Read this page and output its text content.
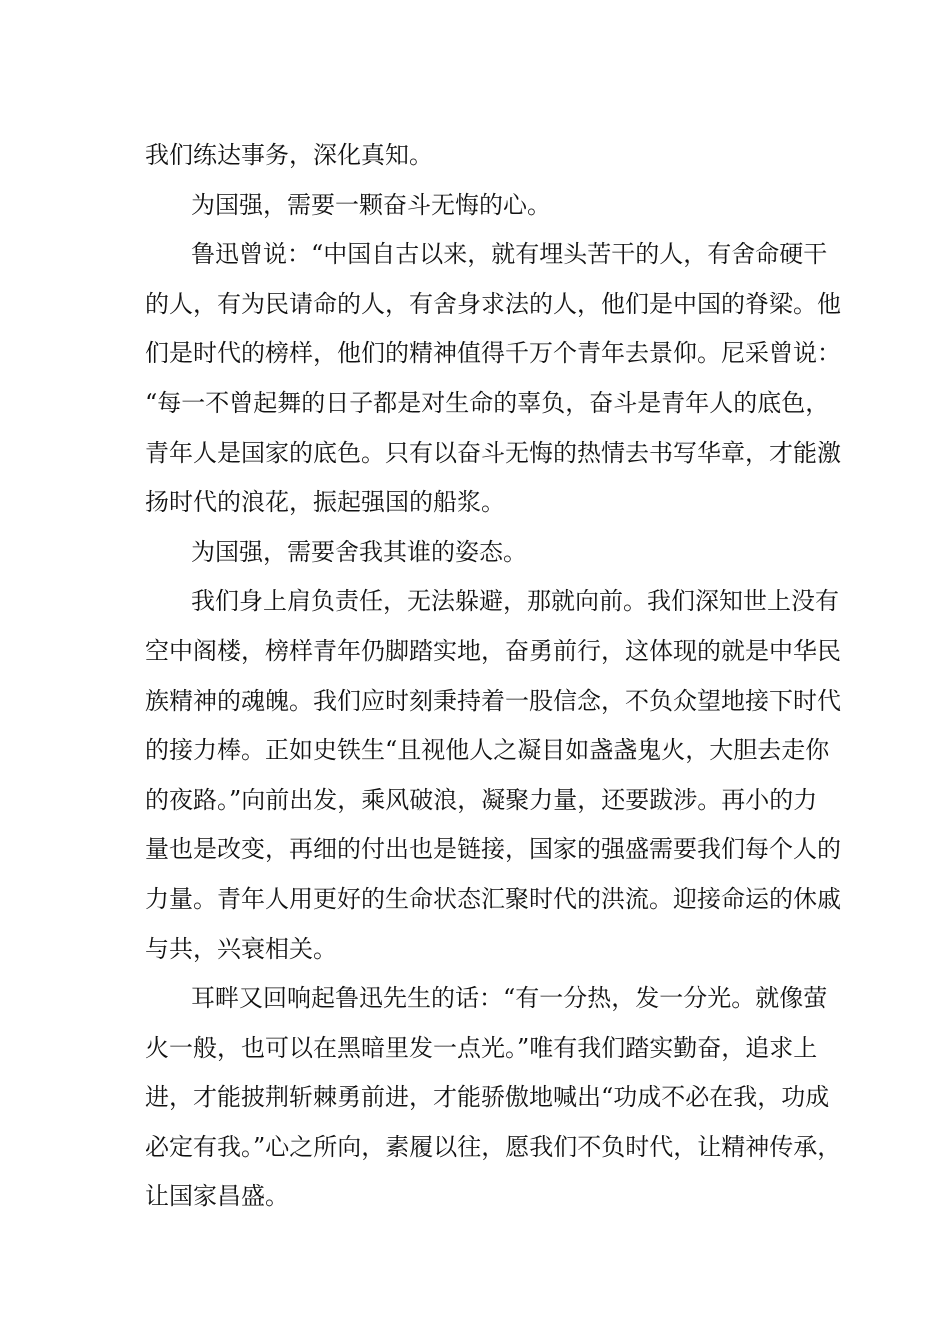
我们练达事务，深化真知。
为国强，需要一颗奋斗无悔的心。
鲁迅曾说：“中国自古以来，就有埋头苦干的人，有舍命硬干
的人，有为民请命的人，有舍身求法的人，他们是中国的脊梁。他
们是时代的榜样，他们的精神值得千万个青年去景仰。尼采曾说：
“每一不曾起舞的日子都是对生命的辜负，奋斗是青年人的底色，
青年人是国家的底色。只有以奋斗无悔的热情去书写华章，才能激
扬时代的浪花，振起强国的船浆。
为国强，需要舍我其谁的姿态。
我们身上肩负责任，无法躲避，那就向前。我们深知世上没有
空中阁楼，榜样青年仍脚踏实地，奋勇前行，这体现的就是中华民
族精神的魂魄。我们应时刻秉持着一股信念，不负众望地接下时代
的接力棒。正如史铁生“且视他人之凝目如盏盏鬼火，大胆去走你
的夜路。”向前出发，乘风破浪，凝聚力量，还要跋涉。再小的力
量也是改变，再细的付出也是链接，国家的强盛需要我们每个人的
力量。青年人用更好的生命状态汇聚时代的洪流。迎接命运的休戚
与共，兴衰相关。
耳畔又回响起鲁迅先生的话：“有一分热，发一分光。就像萤
火一般，也可以在黑暗里发一点光。”唯有我们踏实勤奋，追求上
进，才能披荆斩棘勇前进，才能骄傲地喊出“功成不必在我，功成
必定有我。”心之所向，素履以往，愿我们不负时代，让精神传承，
让国家昌盛。
